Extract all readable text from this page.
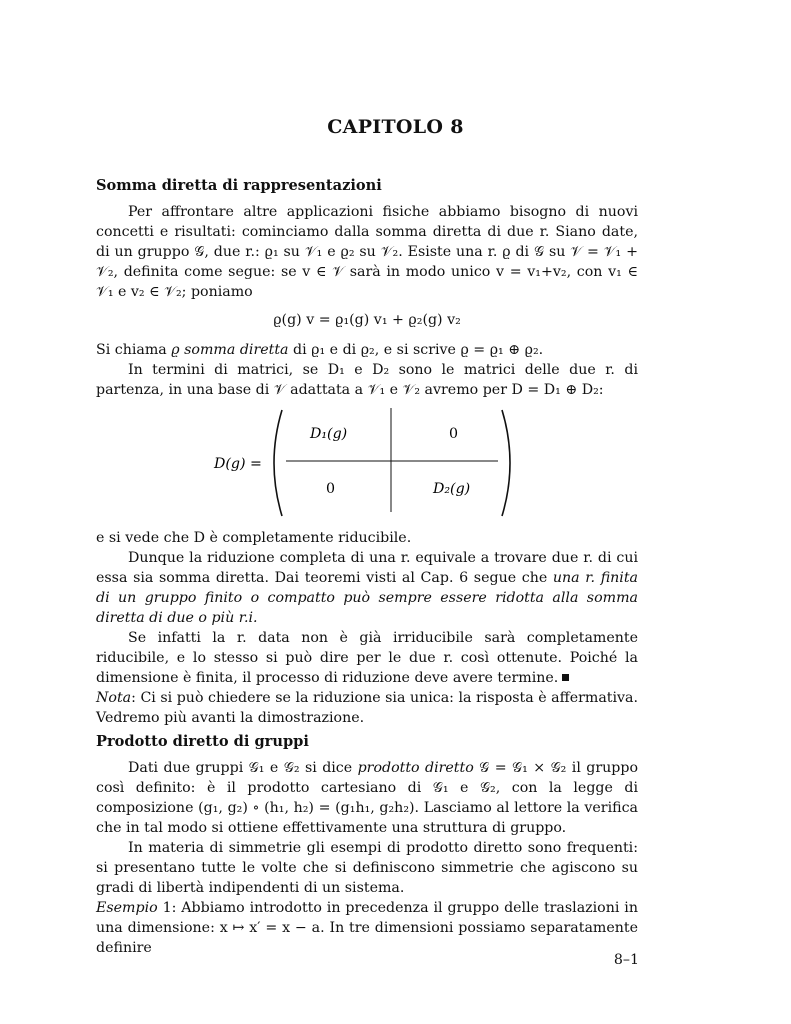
CAPITOLO 8
Somma diretta di rappresentazioni

Per affrontare altre applicazioni fisiche abbiamo bisogno di nuovi concetti e risultati: cominciamo dalla somma diretta di due r. Siano date, di un gruppo 𝒢, due r.: ϱ₁ su 𝒱₁ e ϱ₂ su 𝒱₂. Esiste una r. ϱ di 𝒢 su 𝒱 = 𝒱₁ + 𝒱₂, definita come segue: se v ∈ 𝒱 sarà in modo unico v = v₁+v₂, con v₁ ∈ 𝒱₁ e v₂ ∈ 𝒱₂; poniamo

ϱ(g) v = ϱ₁(g) v₁ + ϱ₂(g) v₂

Si chiama ϱ somma diretta di ϱ₁ e di ϱ₂, e si scrive ϱ = ϱ₁ ⊕ ϱ₂.

In termini di matrici, se D₁ e D₂ sono le matrici delle due r. di partenza, in una base di 𝒱 adattata a 𝒱₁ e 𝒱₂ avremo per D = D₁ ⊕ D₂:

D(g) =
D₁(g)	0
0	D₂(g)

e si vede che D è completamente riducibile.

Dunque la riduzione completa di una r. equivale a trovare due r. di cui essa sia somma diretta. Dai teoremi visti al Cap. 6 segue che una r. finita di un gruppo finito o compatto può sempre essere ridotta alla somma diretta di due o più r.i.

Se infatti la r. data non è già irriducibile sarà completamente riducibile, e lo stesso si può dire per le due r. così ottenute. Poiché la dimensione è finita, il processo di riduzione deve avere termine.

Nota: Ci si può chiedere se la riduzione sia unica: la risposta è affermativa. Vedremo più avanti la dimostrazione.

Prodotto diretto di gruppi

Dati due gruppi 𝒢₁ e 𝒢₂ si dice prodotto diretto 𝒢 = 𝒢₁ × 𝒢₂ il gruppo così definito: è il prodotto cartesiano di 𝒢₁ e 𝒢₂, con la legge di composizione (g₁, g₂) ∘ (h₁, h₂) = (g₁h₁, g₂h₂). Lasciamo al lettore la verifica che in tal modo si ottiene effettivamente una struttura di gruppo.

In materia di simmetrie gli esempi di prodotto diretto sono frequenti: si presentano tutte le volte che si definiscono simmetrie che agiscono su gradi di libertà indipendenti di un sistema.

Esempio 1: Abbiamo introdotto in precedenza il gruppo delle traslazioni in una dimensione: x ↦ x′ = x − a. In tre dimensioni possiamo separatamente definire

8–1
